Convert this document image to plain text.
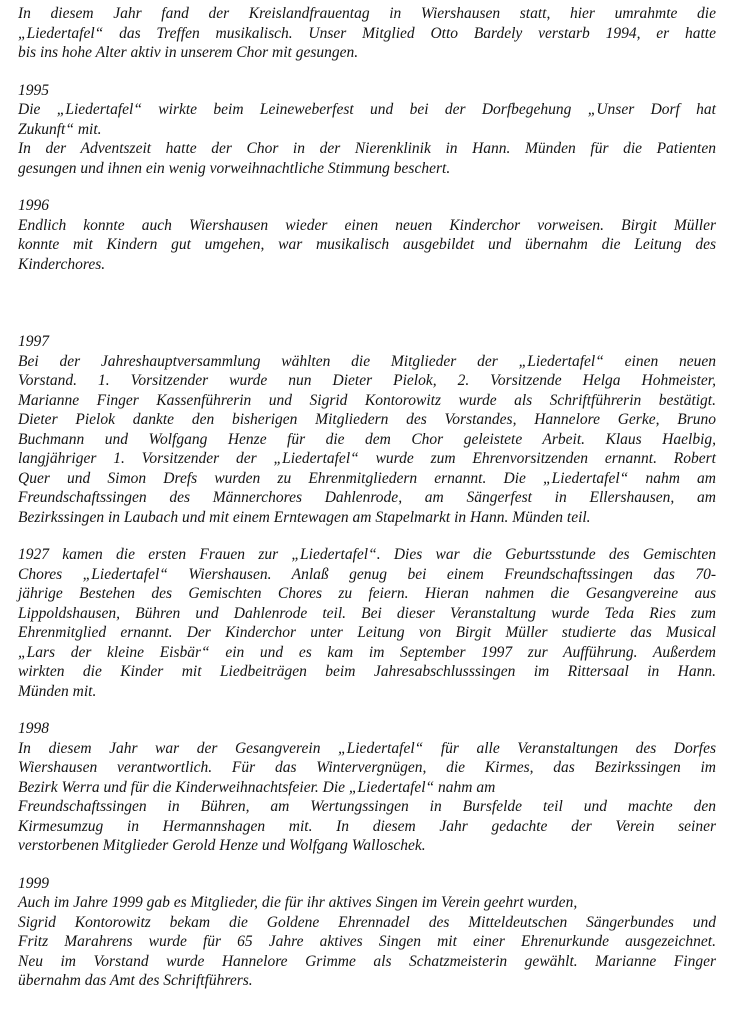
In diesem Jahr fand der Kreislandfrauentag in Wiershausen statt, hier umrahmte die
„Liedertafel“ das Treffen musikalisch. Unser Mitglied Otto Bardely verstarb 1994, er hatte
bis ins hohe Alter aktiv in unserem Chor mit gesungen.
1995
Die „Liedertafel“ wirkte beim Leineweberfest und bei der Dorfbegehung „Unser Dorf hat
Zukunft“ mit.
In der Adventszeit hatte der Chor in der Nierenklinik in Hann. Münden für die Patienten
gesungen und ihnen ein wenig vorweihnachtliche Stimmung beschert.
1996
Endlich konnte auch Wiershausen wieder einen neuen Kinderchor vorweisen. Birgit Müller
konnte mit Kindern gut umgehen, war musikalisch ausgebildet und übernahm die Leitung des
Kinderchores.
1997
Bei der Jahreshauptversammlung wählten die Mitglieder der „Liedertafel“ einen neuen
Vorstand. 1. Vorsitzender wurde nun Dieter Pielok, 2. Vorsitzende Helga Hohmeister,
Marianne Finger Kassenführerin und Sigrid Kontorowitz wurde als Schriftführerin bestätigt.
Dieter Pielok dankte den bisherigen Mitgliedern des Vorstandes, Hannelore Gerke, Bruno
Buchmann und Wolfgang Henze für die dem Chor geleistete Arbeit. Klaus Haelbig,
langjähriger 1. Vorsitzender der „Liedertafel“ wurde zum Ehrenvorsitzenden ernannt. Robert
Quer und Simon Drefs wurden zu Ehrenmitgliedern ernannt. Die „Liedertafel“ nahm am
Freundschaftssingen des Männerchores Dahlenrode, am Sängerfest in Ellershausen, am
Bezirkssingen in Laubach und mit einem Erntewagen am Stapelmarkt in Hann. Münden teil.
1927 kamen die ersten Frauen zur „Liedertafel“. Dies war die Geburtsstunde des Gemischten
Chores „Liedertafel“ Wiershausen. Anlaß genug bei einem Freundschaftssingen das 70-
jährige Bestehen des Gemischten Chores zu feiern. Hieran nahmen die Gesangvereine aus
Lippoldshausen, Bühren und Dahlenrode teil. Bei dieser Veranstaltung wurde Teda Ries zum
Ehrenmitglied ernannt. Der Kinderchor unter Leitung von Birgit Müller studierte das Musical
„Lars der kleine Eisbär“ ein und es kam im September 1997 zur Aufführung. Außerdem
wirkten die Kinder mit Liedbeiträgen beim Jahresabschlusssingen im Rittersaal in Hann.
Münden mit.
1998
In diesem Jahr war der Gesangverein „Liedertafel“ für alle Veranstaltungen des Dorfes
Wiershausen verantwortlich. Für das Wintervergnügen, die Kirmes, das Bezirkssingen im
Bezirk Werra und für die Kinderweihnachtsfeier. Die „Liedertafel“ nahm am
Freundschaftssingen in Bühren, am Wertungssingen in Bursfelde teil und machte den
Kirmesumzug in Hermannshagen mit. In diesem Jahr gedachte der Verein seiner
verstorbenen Mitglieder Gerold Henze und Wolfgang Walloschek.
1999
Auch im Jahre 1999 gab es Mitglieder, die für ihr aktives Singen im Verein geehrt wurden,
Sigrid Kontorowitz bekam die Goldene Ehrennadel des Mitteldeutschen Sängerbundes und
Fritz Marahrens wurde für 65 Jahre aktives Singen mit einer Ehrenurkunde ausgezeichnet.
Neu im Vorstand wurde Hannelore Grimme als Schatzmeisterin gewählt. Marianne Finger
übernahm das Amt des Schriftführers.
